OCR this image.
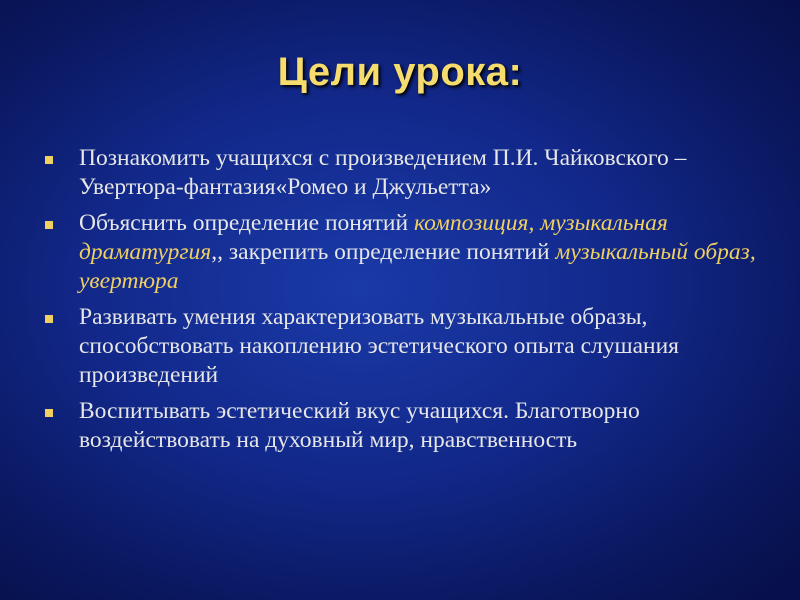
Цели урока:
Познакомить учащихся с произведением П.И. Чайковского – Увертюра-фантазия«Ромео и Джульетта»
Объяснить определение понятий композиция, музыкальная драматургия,, закрепить определение понятий музыкальный образ, увертюра
Развивать умения характеризовать музыкальные образы, способствовать накоплению эстетического опыта слушания произведений
Воспитывать эстетический вкус учащихся. Благотворно воздействовать на духовный мир, нравственность
